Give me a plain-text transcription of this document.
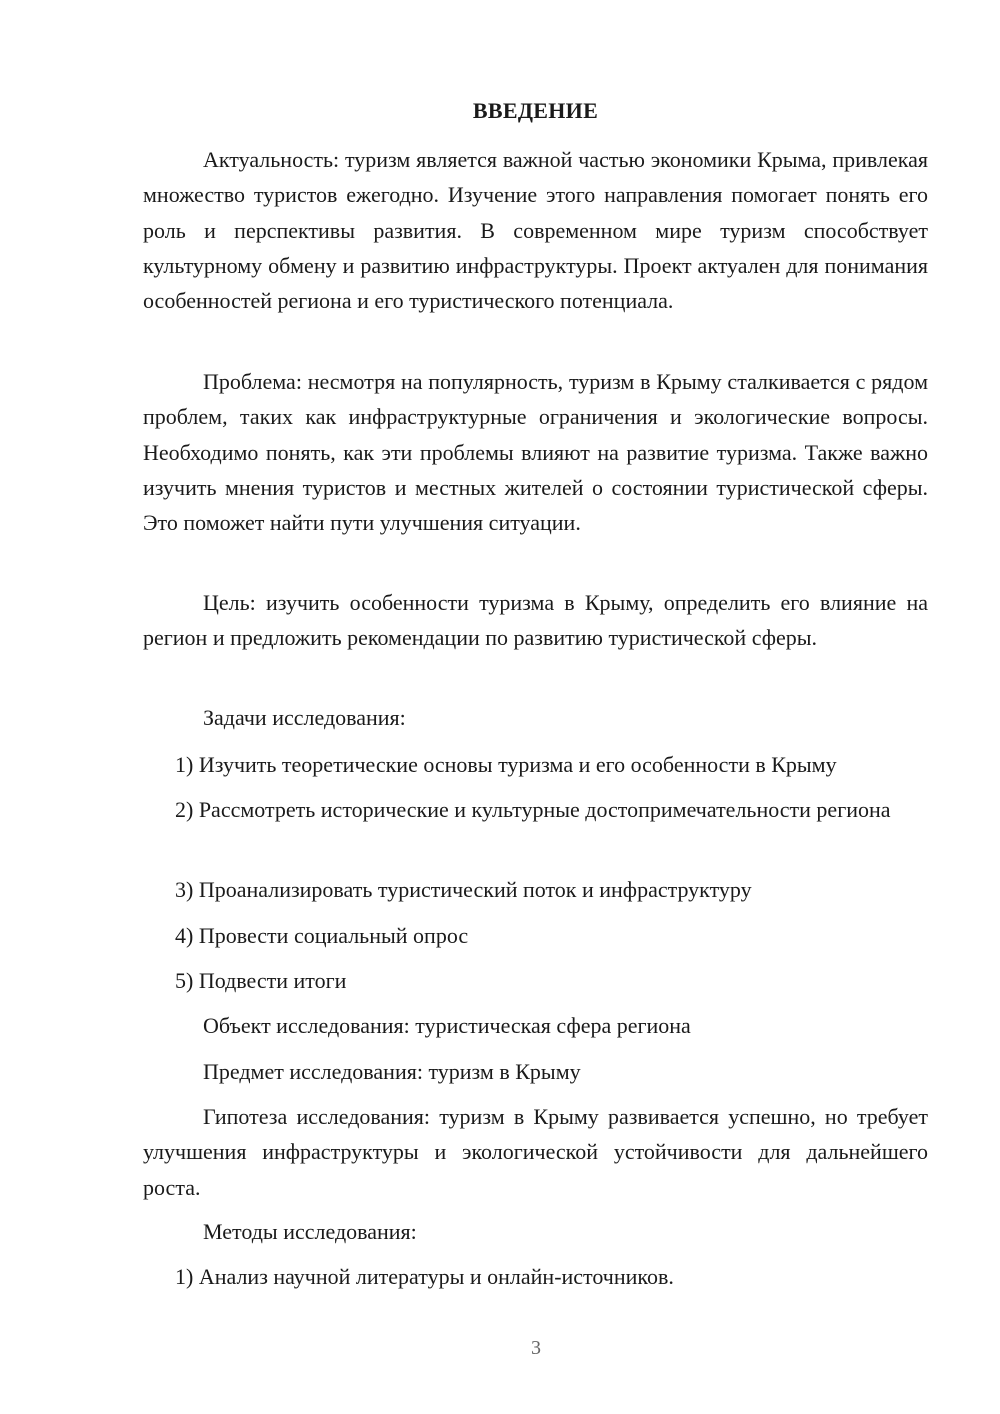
ВВЕДЕНИЕ

Актуальность: туризм является важной частью экономики Крыма, привлекая множество туристов ежегодно. Изучение этого направления помогает понять его роль и перспективы развития. В современном мире туризм способствует культурному обмену и развитию инфраструктуры. Проект актуален для понимания особенностей региона и его туристического потенциала.

Проблема: несмотря на популярность, туризм в Крыму сталкивается с рядом проблем, таких как инфраструктурные ограничения и экологические вопросы. Необходимо понять, как эти проблемы влияют на развитие туризма. Также важно изучить мнения туристов и местных жителей о состоянии туристической сферы. Это поможет найти пути улучшения ситуации.

Цель: изучить особенности туризма в Крыму, определить его влияние на регион и предложить рекомендации по развитию туристической сферы.

Задачи исследования:

1) Изучить теоретические основы туризма и его особенности в Крыму

2) Рассмотреть исторические и культурные достопримечательности региона

3) Проанализировать туристический поток и инфраструктуру

4) Провести социальный опрос

5) Подвести итоги

Объект исследования: туристическая сфера региона

Предмет исследования: туризм в Крыму

Гипотеза исследования: туризм в Крыму развивается успешно, но требует улучшения инфраструктуры и экологической устойчивости для дальнейшего роста.

Методы исследования:

1) Анализ научной литературы и онлайн-источников.

3
